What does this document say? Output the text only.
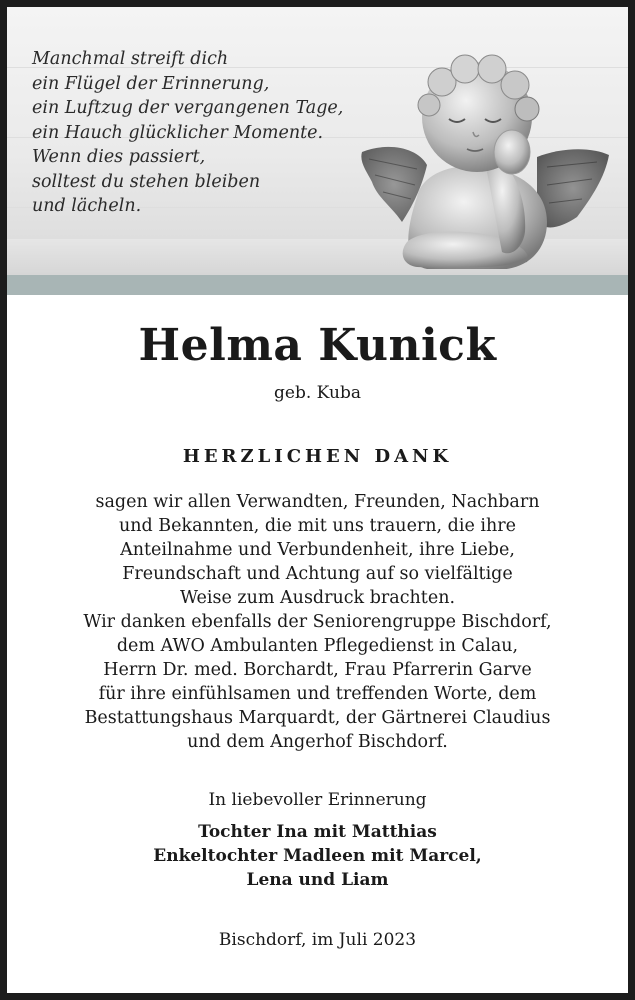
Manchmal streift dich
ein Flügel der Erinnerung,
ein Luftzug der vergangenen Tage,
ein Hauch glücklicher Momente.
Wenn dies passiert,
solltest du stehen bleiben
und lächeln.
Helma Kunick
geb. Kuba
HERZLICHEN DANK
sagen wir allen Verwandten, Freunden, Nachbarn
und Bekannten, die mit uns trauern, die ihre
Anteilnahme und Verbundenheit, ihre Liebe,
Freundschaft und Achtung auf so vielfältige
Weise zum Ausdruck brachten.
Wir danken ebenfalls der Seniorengruppe Bischdorf,
dem AWO Ambulanten Pflegedienst in Calau,
Herrn Dr. med. Borchardt, Frau Pfarrerin Garve
für ihre einfühlsamen und treffenden Worte, dem
Bestattungshaus Marquardt, der Gärtnerei Claudius
und dem Angerhof Bischdorf.
In liebevoller Erinnerung
Tochter Ina mit Matthias
Enkeltochter Madleen mit Marcel,
Lena und Liam
Bischdorf, im Juli 2023
